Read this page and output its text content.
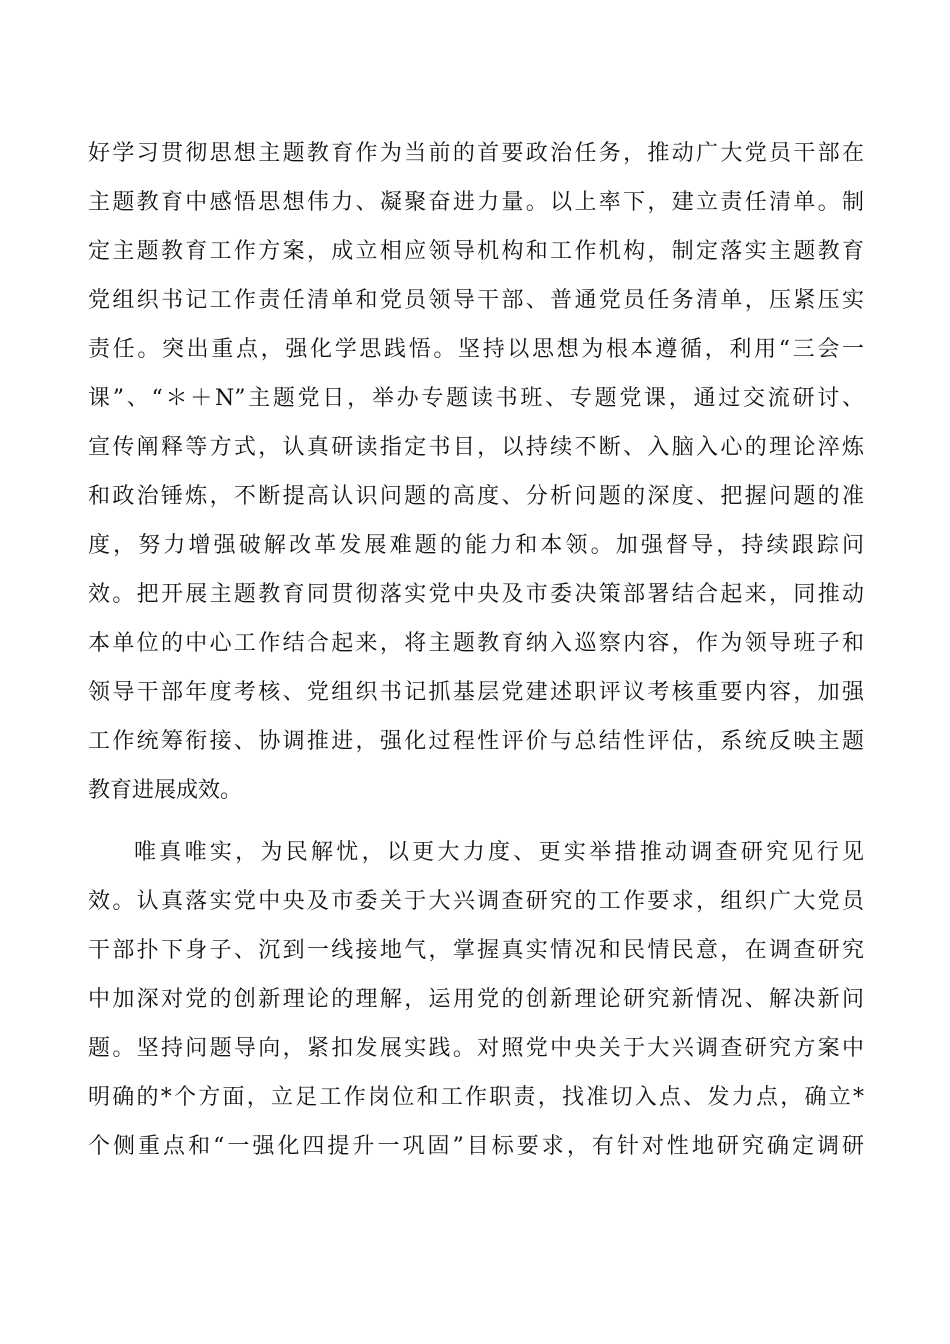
好学习贯彻思想主题教育作为当前的首要政治任务，推动广大党员干部在
主题教育中感悟思想伟力、凝聚奋进力量。以上率下，建立责任清单。制
定主题教育工作方案，成立相应领导机构和工作机构，制定落实主题教育
党组织书记工作责任清单和党员领导干部、普通党员任务清单，压紧压实
责任。突出重点，强化学思践悟。坚持以思想为根本遵循，利用“三会一
课”、“＊＋N”主题党日，举办专题读书班、专题党课，通过交流研讨、
宣传阐释等方式，认真研读指定书目，以持续不断、入脑入心的理论淬炼
和政治锤炼，不断提高认识问题的高度、分析问题的深度、把握问题的准
度，努力增强破解改革发展难题的能力和本领。加强督导，持续跟踪问
效。把开展主题教育同贯彻落实党中央及市委决策部署结合起来，同推动
本单位的中心工作结合起来，将主题教育纳入巡察内容，作为领导班子和
领导干部年度考核、党组织书记抓基层党建述职评议考核重要内容，加强
工作统筹衔接、协调推进，强化过程性评价与总结性评估，系统反映主题
教育进展成效。
唯真唯实，为民解忧，以更大力度、更实举措推动调查研究见行见
效。认真落实党中央及市委关于大兴调查研究的工作要求，组织广大党员
干部扑下身子、沉到一线接地气，掌握真实情况和民情民意，在调查研究
中加深对党的创新理论的理解，运用党的创新理论研究新情况、解决新问
题。坚持问题导向，紧扣发展实践。对照党中央关于大兴调查研究方案中
明确的*个方面，立足工作岗位和工作职责，找准切入点、发力点，确立*
个侧重点和“一强化四提升一巩固”目标要求，有针对性地研究确定调研
